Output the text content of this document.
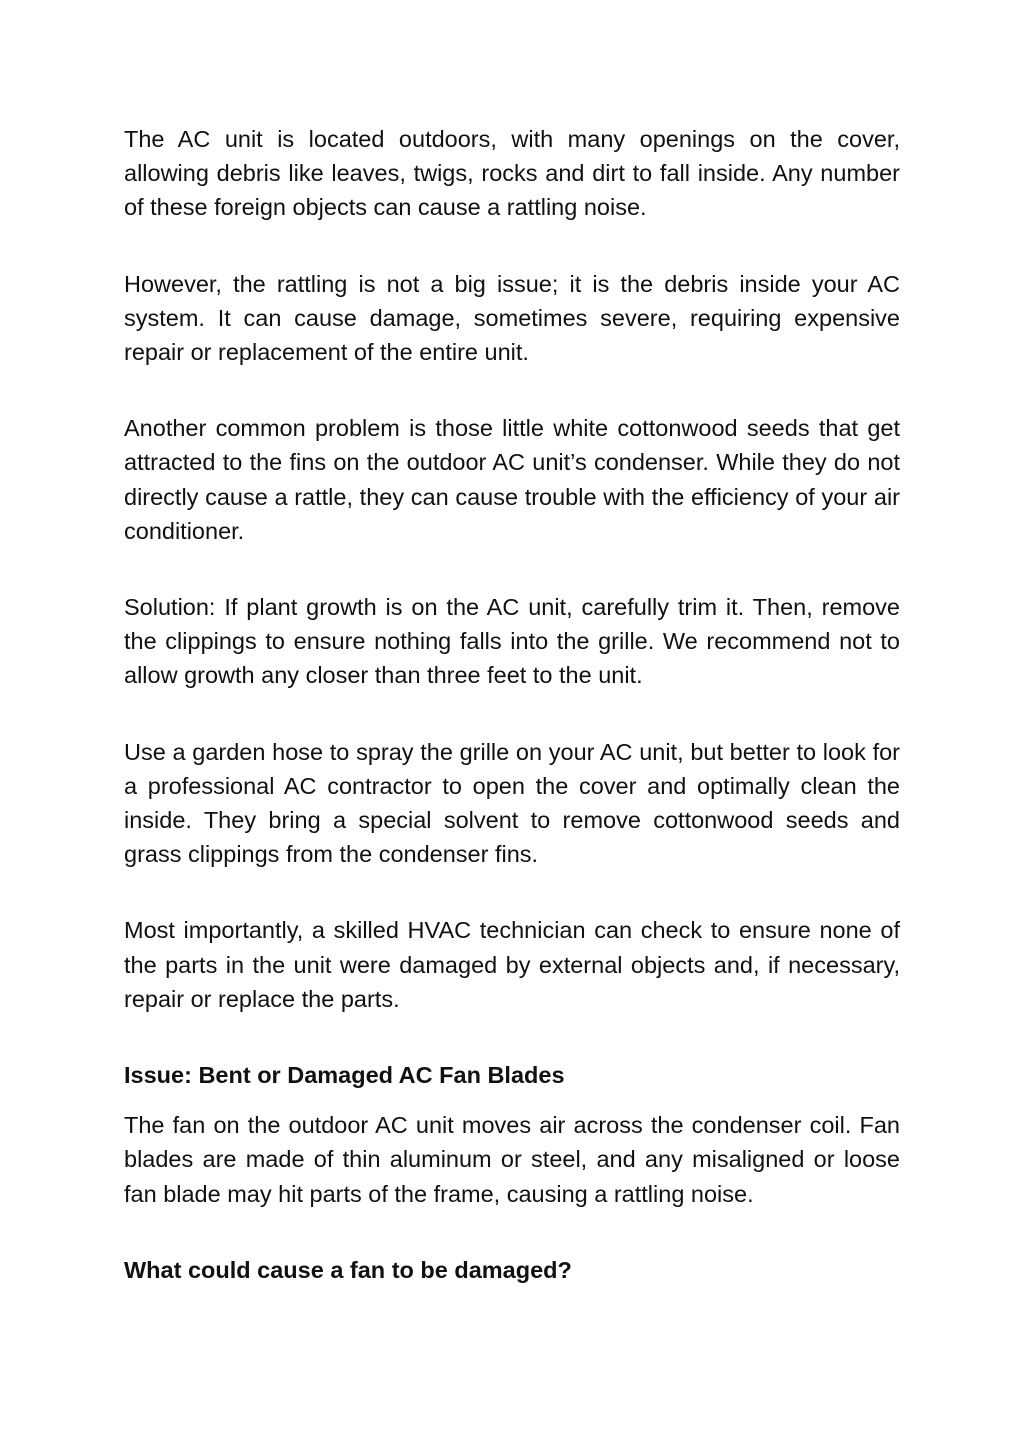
The AC unit is located outdoors, with many openings on the cover, allowing debris like leaves, twigs, rocks and dirt to fall inside. Any number of these foreign objects can cause a rattling noise.

However, the rattling is not a big issue; it is the debris inside your AC system. It can cause damage, sometimes severe, requiring expensive repair or replacement of the entire unit.

Another common problem is those little white cottonwood seeds that get attracted to the fins on the outdoor AC unit’s condenser. While they do not directly cause a rattle, they can cause trouble with the efficiency of your air conditioner.

Solution: If plant growth is on the AC unit, carefully trim it. Then, remove the clippings to ensure nothing falls into the grille. We recommend not to allow growth any closer than three feet to the unit.

Use a garden hose to spray the grille on your AC unit, but better to look for a professional AC contractor to open the cover and optimally clean the inside. They bring a special solvent to remove cottonwood seeds and grass clippings from the condenser fins.

Most importantly, a skilled HVAC technician can check to ensure none of the parts in the unit were damaged by external objects and, if necessary, repair or replace the parts.

Issue: Bent or Damaged AC Fan Blades

The fan on the outdoor AC unit moves air across the condenser coil. Fan blades are made of thin aluminum or steel, and any misaligned or loose fan blade may hit parts of the frame, causing a rattling noise.

What could cause a fan to be damaged?
